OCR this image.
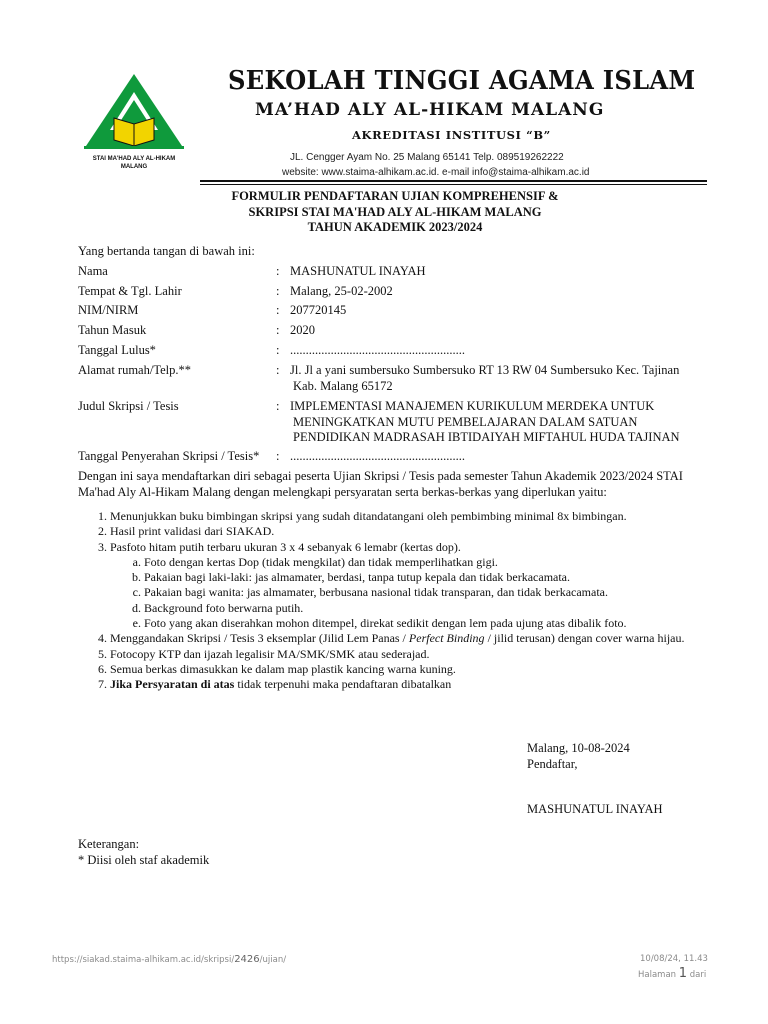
STAI MA'HAD ALY AL-HIKAM
MALANG
SEKOLAH TINGGI AGAMA ISLAM
MA’HAD ALY AL-HIKAM MALANG
AKREDITASI INSTITUSI “B”
JL. Cengger Ayam No. 25 Malang 65141 Telp. 089519262222
website: www.staima-alhikam.ac.id. e-mail info@staima-alhikam.ac.id
FORMULIR PENDAFTARAN UJIAN KOMPREHENSIF &
SKRIPSI STAI MA'HAD ALY AL-HIKAM MALANG
TAHUN AKADEMIK 2023/2024
Yang bertanda tangan di bawah ini:
Nama	: MASHUNATUL INAYAH
Tempat & Tgl. Lahir	: Malang, 25-02-2002
NIM/NIRM	: 207720145
Tahun Masuk	: 2020
Tanggal Lulus*	: ........................................................
Alamat rumah/Telp.**	: Jl. Jl a yani sumbersuko Sumbersuko RT 13 RW 04 Sumbersuko Kec. Tajinan
Kab. Malang 65172
Judul Skripsi / Tesis	: IMPLEMENTASI MANAJEMEN KURIKULUM MERDEKA UNTUK
MENINGKATKAN MUTU PEMBELAJARAN DALAM SATUAN
PENDIDIKAN MADRASAH IBTIDAIYAH MIFTAHUL HUDA TAJINAN
Tanggal Penyerahan Skripsi / Tesis* : ........................................................
Dengan ini saya mendaftarkan diri sebagai peserta Ujian Skripsi / Tesis pada semester Tahun Akademik 2023/2024 STAI
Ma'had Aly Al-Hikam Malang dengan melengkapi persyaratan serta berkas-berkas yang diperlukan yaitu:
1. Menunjukkan buku bimbingan skripsi yang sudah ditandatangani oleh pembimbing minimal 8x bimbingan.
2. Hasil print validasi dari SIAKAD.
3. Pasfoto hitam putih terbaru ukuran 3 x 4 sebanyak 6 lemabr (kertas dop).
a. Foto dengan kertas Dop (tidak mengkilat) dan tidak memperlihatkan gigi.
b. Pakaian bagi laki-laki: jas almamater, berdasi, tanpa tutup kepala dan tidak berkacamata.
c. Pakaian bagi wanita: jas almamater, berbusana nasional tidak transparan, dan tidak berkacamata.
d. Background foto berwarna putih.
e. Foto yang akan diserahkan mohon ditempel, direkat sedikit dengan lem pada ujung atas dibalik foto.
4. Menggandakan Skripsi / Tesis 3 eksemplar (Jilid Lem Panas / Perfect Binding / jilid terusan) dengan cover warna hijau.
5. Fotocopy KTP dan ijazah legalisir MA/SMK/SMK atau sederajad.
6. Semua berkas dimasukkan ke dalam map plastik kancing warna kuning.
7. Jika Persyaratan di atas tidak terpenuhi maka pendaftaran dibatalkan
Malang, 10-08-2024
Pendaftar,
MASHUNATUL INAYAH
Keterangan:
* Diisi oleh staf akademik
https://siakad.staima-alhikam.ac.id/skripsi/2426/ujian/	10/08/24, 11.43
Halaman 1 dari
